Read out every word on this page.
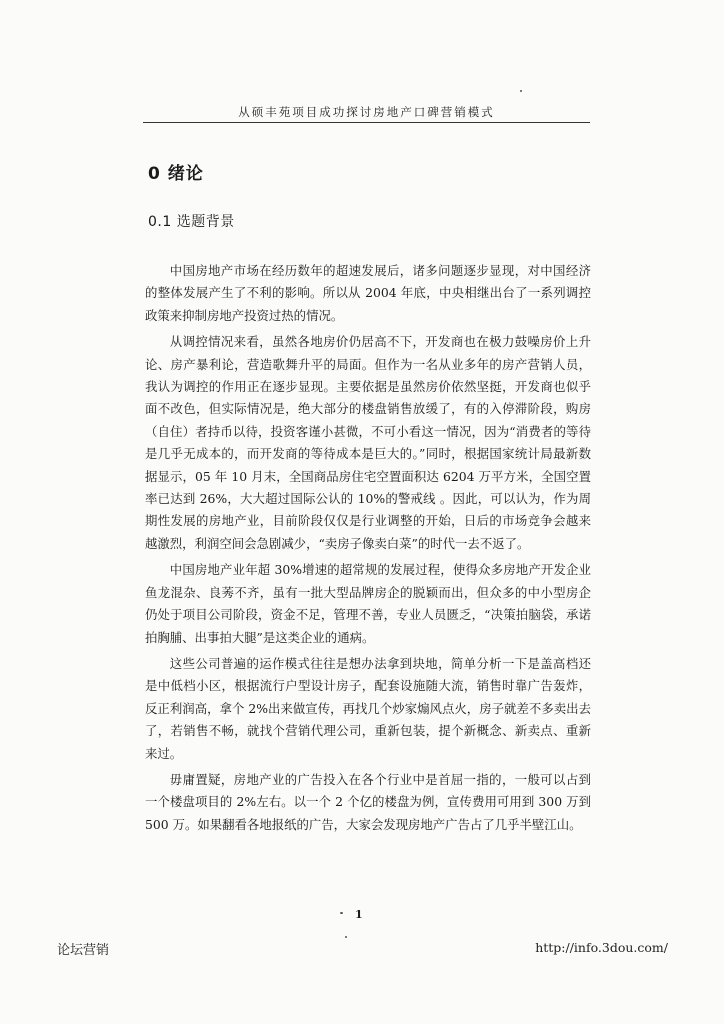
从硕丰苑项目成功探讨房地产口碑营销模式
0 绪论
0.1 选题背景

中国房地产市场在经历数年的超速发展后，诸多问题逐步显现，对中国经济的整体发展产生了不利的影响。所以从 2004 年底，中央相继出台了一系列调控政策来抑制房地产投资过热的情况。

从调控情况来看，虽然各地房价仍居高不下，开发商也在极力鼓噪房价上升论、房产暴利论，营造歌舞升平的局面。但作为一名从业多年的房产营销人员，我认为调控的作用正在逐步显现。主要依据是虽然房价依然坚挺，开发商也似乎面不改色，但实际情况是，绝大部分的楼盘销售放缓了，有的入停滞阶段，购房（自住）者持币以待，投资客谨小甚微，不可小看这一情况，因为“消费者的等待是几乎无成本的，而开发商的等待成本是巨大的。”同时，根据国家统计局最新数据显示，05 年 10 月末，全国商品房住宅空置面积达 6204 万平方米，全国空置率已达到 26%，大大超过国际公认的 10%的警戒线 。因此，可以认为，作为周期性发展的房地产业，目前阶段仅仅是行业调整的开始，日后的市场竞争会越来越激烈，利润空间会急剧减少，“卖房子像卖白菜”的时代一去不返了。

中国房地产业年超 30%增速的超常规的发展过程，使得众多房地产开发企业鱼龙混杂、良莠不齐，虽有一批大型品牌房企的脱颖而出，但众多的中小型房企仍处于项目公司阶段，资金不足，管理不善，专业人员匮乏，“决策拍脑袋，承诺拍胸脯、出事拍大腿”是这类企业的通病。

这些公司普遍的运作模式往往是想办法拿到块地，简单分析一下是盖高档还是中低档小区，根据流行户型设计房子，配套设施随大流，销售时靠广告轰炸，反正利润高，拿个 2%出来做宣传，再找几个炒家煽风点火，房子就差不多卖出去了，若销售不畅，就找个营销代理公司，重新包装，提个新概念、新卖点、重新来过。

毋庸置疑，房地产业的广告投入在各个行业中是首屈一指的，一般可以占到一个楼盘项目的 2%左右。以一个 2 个亿的楼盘为例，宣传费用可用到 300 万到 500 万。如果翻看各地报纸的广告，大家会发现房地产广告占了几乎半壁江山。

1
论坛营销	http://info.3dou.com/
